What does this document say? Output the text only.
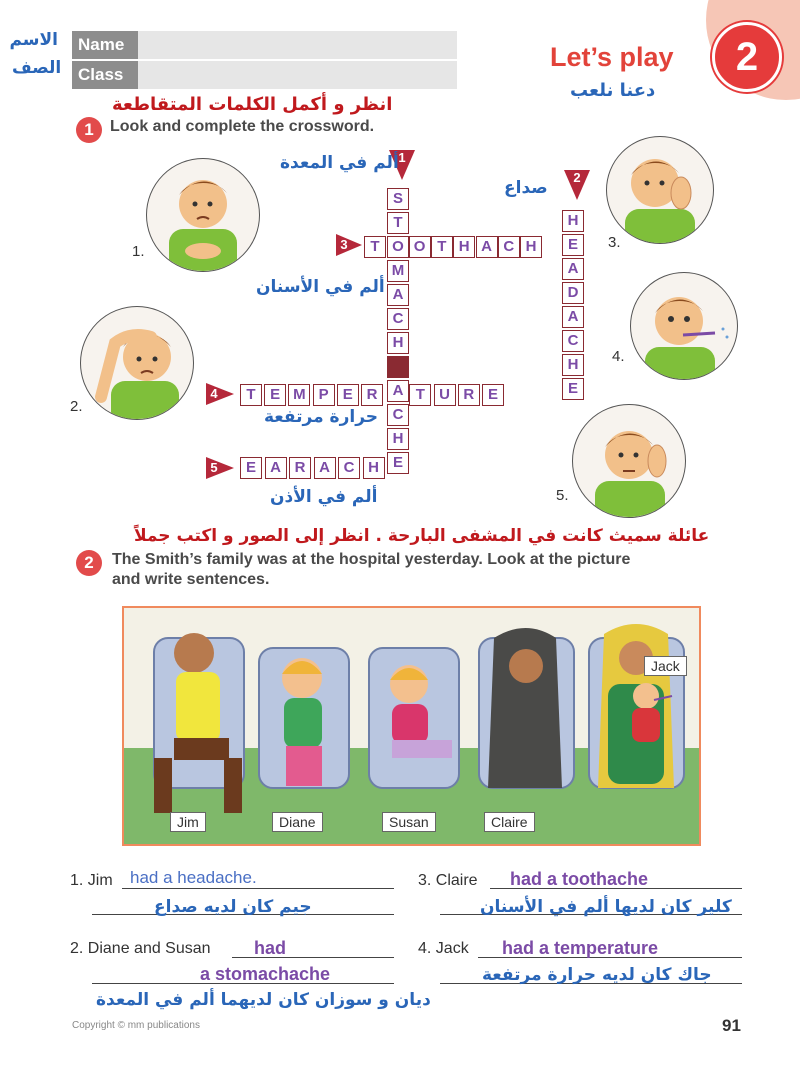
الاسم
الصف
Name
Class	2
Let’s play
دعنا نلعب
انظر و أكمل الكلمات المتقاطعة
1	Look and complete the crossword.
1
2
3
4
5
S
T
O
M
A
C
H
A
C
H
E
H
E
A
D
A
C
H
E
T	O T H A C H
T E M P E R	T U R E
E A R A C H
ألم في المعدة
صداع
ألم في الأسنان
حرارة مرتفعة
ألم في الأذن
1.
2.
3.
4.
5.
عائلة سميث كانت في المشفى البارحة . انظر إلى الصور و اكتب جملاً
2	The Smith’s family was at the hospital yesterday. Look at the picture
and write sentences.
Jack
Jim	Diane	Susan	Claire
1. Jim had a headache.
جيم كان لديه صداع
3. Claire had a toothache
كلير كان لديها ألم في الأسنان
2. Diane and Susan had
a stomachache
ديان و سوزان كان لديهما ألم في المعدة
4. Jack had a temperature
جاك كان لديه حرارة مرتفعة
Copyright © mm publications	91
